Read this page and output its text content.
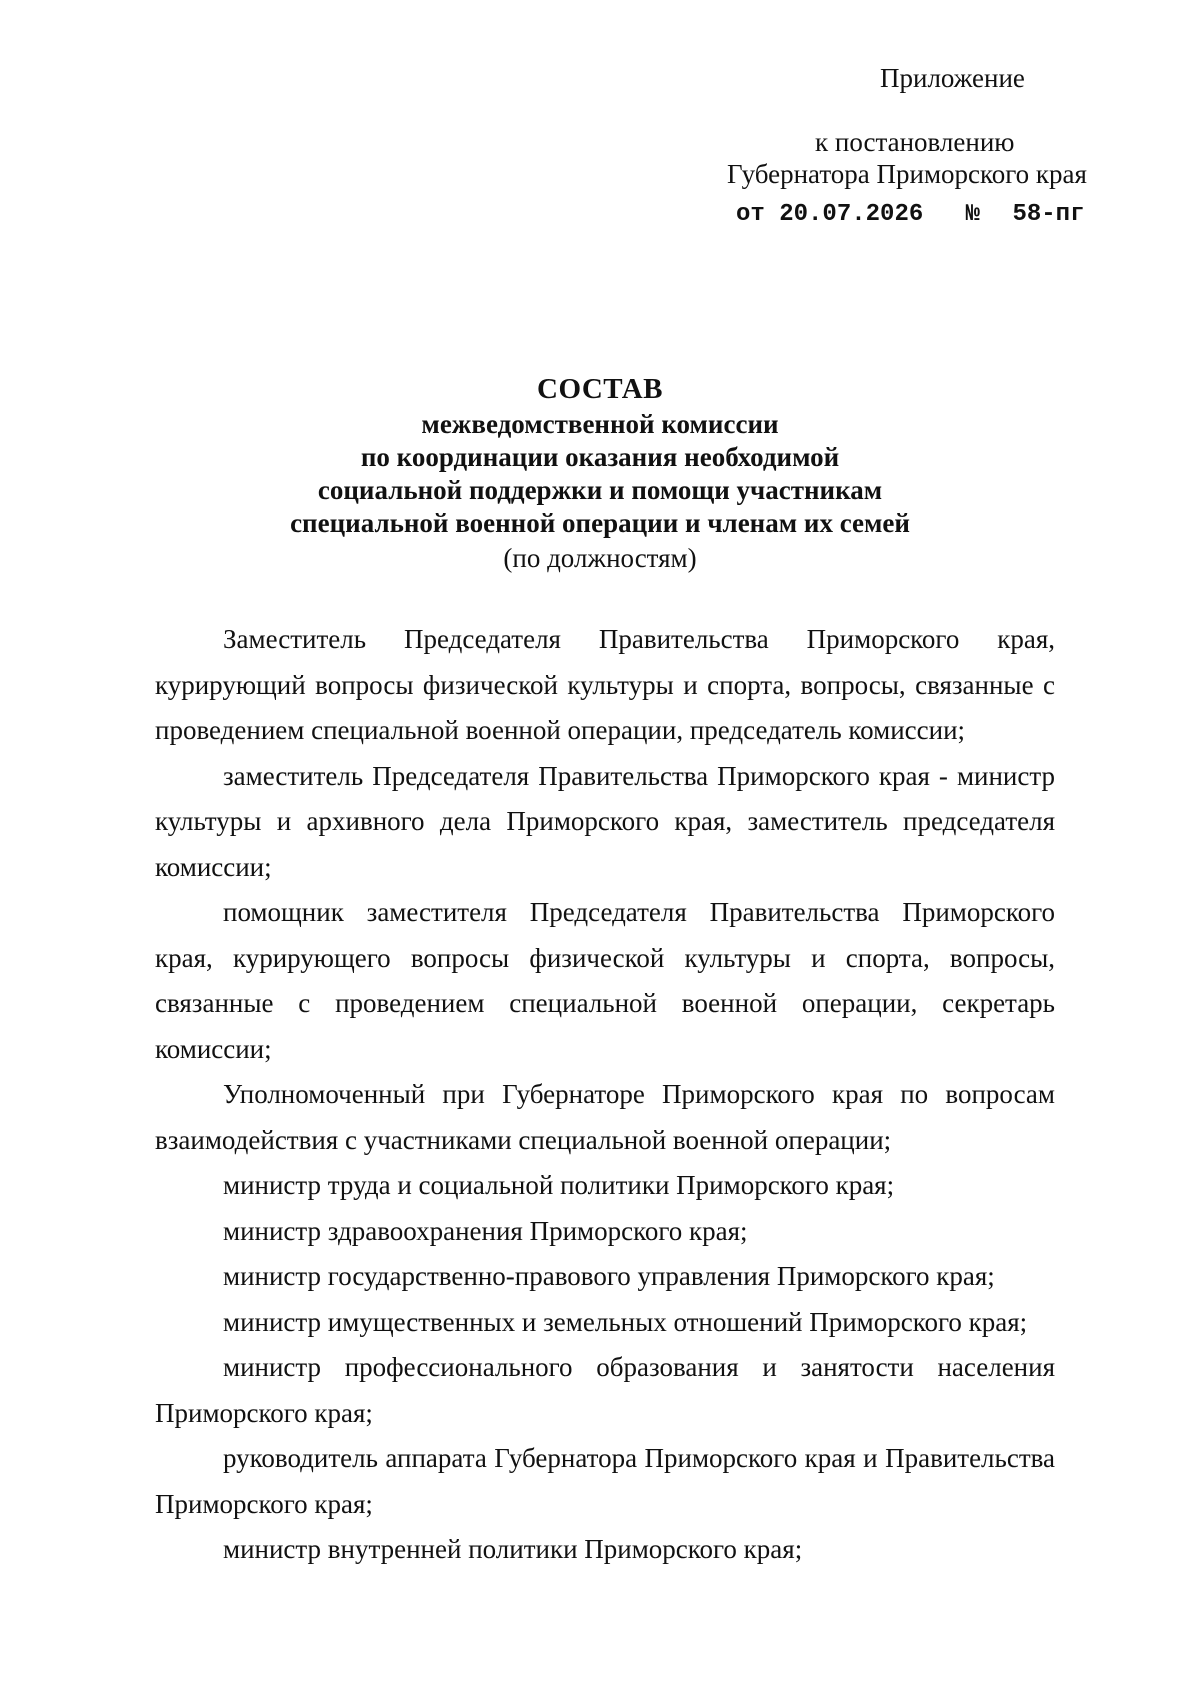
Приложение
к постановлению
Губернатора Приморского края
от 20.07.2026 № 58-пг
СОСТАВ
межведомственной комиссии
по координации оказания необходимой
социальной поддержки и помощи участникам
специальной военной операции и членам их семей
(по должностям)

Заместитель Председателя Правительства Приморского края, курирующий вопросы физической культуры и спорта, вопросы, связанные с проведением специальной военной операции, председатель комиссии;

заместитель Председателя Правительства Приморского края - министр культуры и архивного дела Приморского края, заместитель председателя комиссии;

помощник заместителя Председателя Правительства Приморского края, курирующего вопросы физической культуры и спорта, вопросы, связанные с проведением специальной военной операции, секретарь комиссии;

Уполномоченный при Губернаторе Приморского края по вопросам взаимодействия с участниками специальной военной операции;

министр труда и социальной политики Приморского края;

министр здравоохранения Приморского края;

министр государственно-правового управления Приморского края;

министр имущественных и земельных отношений Приморского края;

министр профессионального образования и занятости населения Приморского края;

руководитель аппарата Губернатора Приморского края и Правительства Приморского края;

министр внутренней политики Приморского края;
